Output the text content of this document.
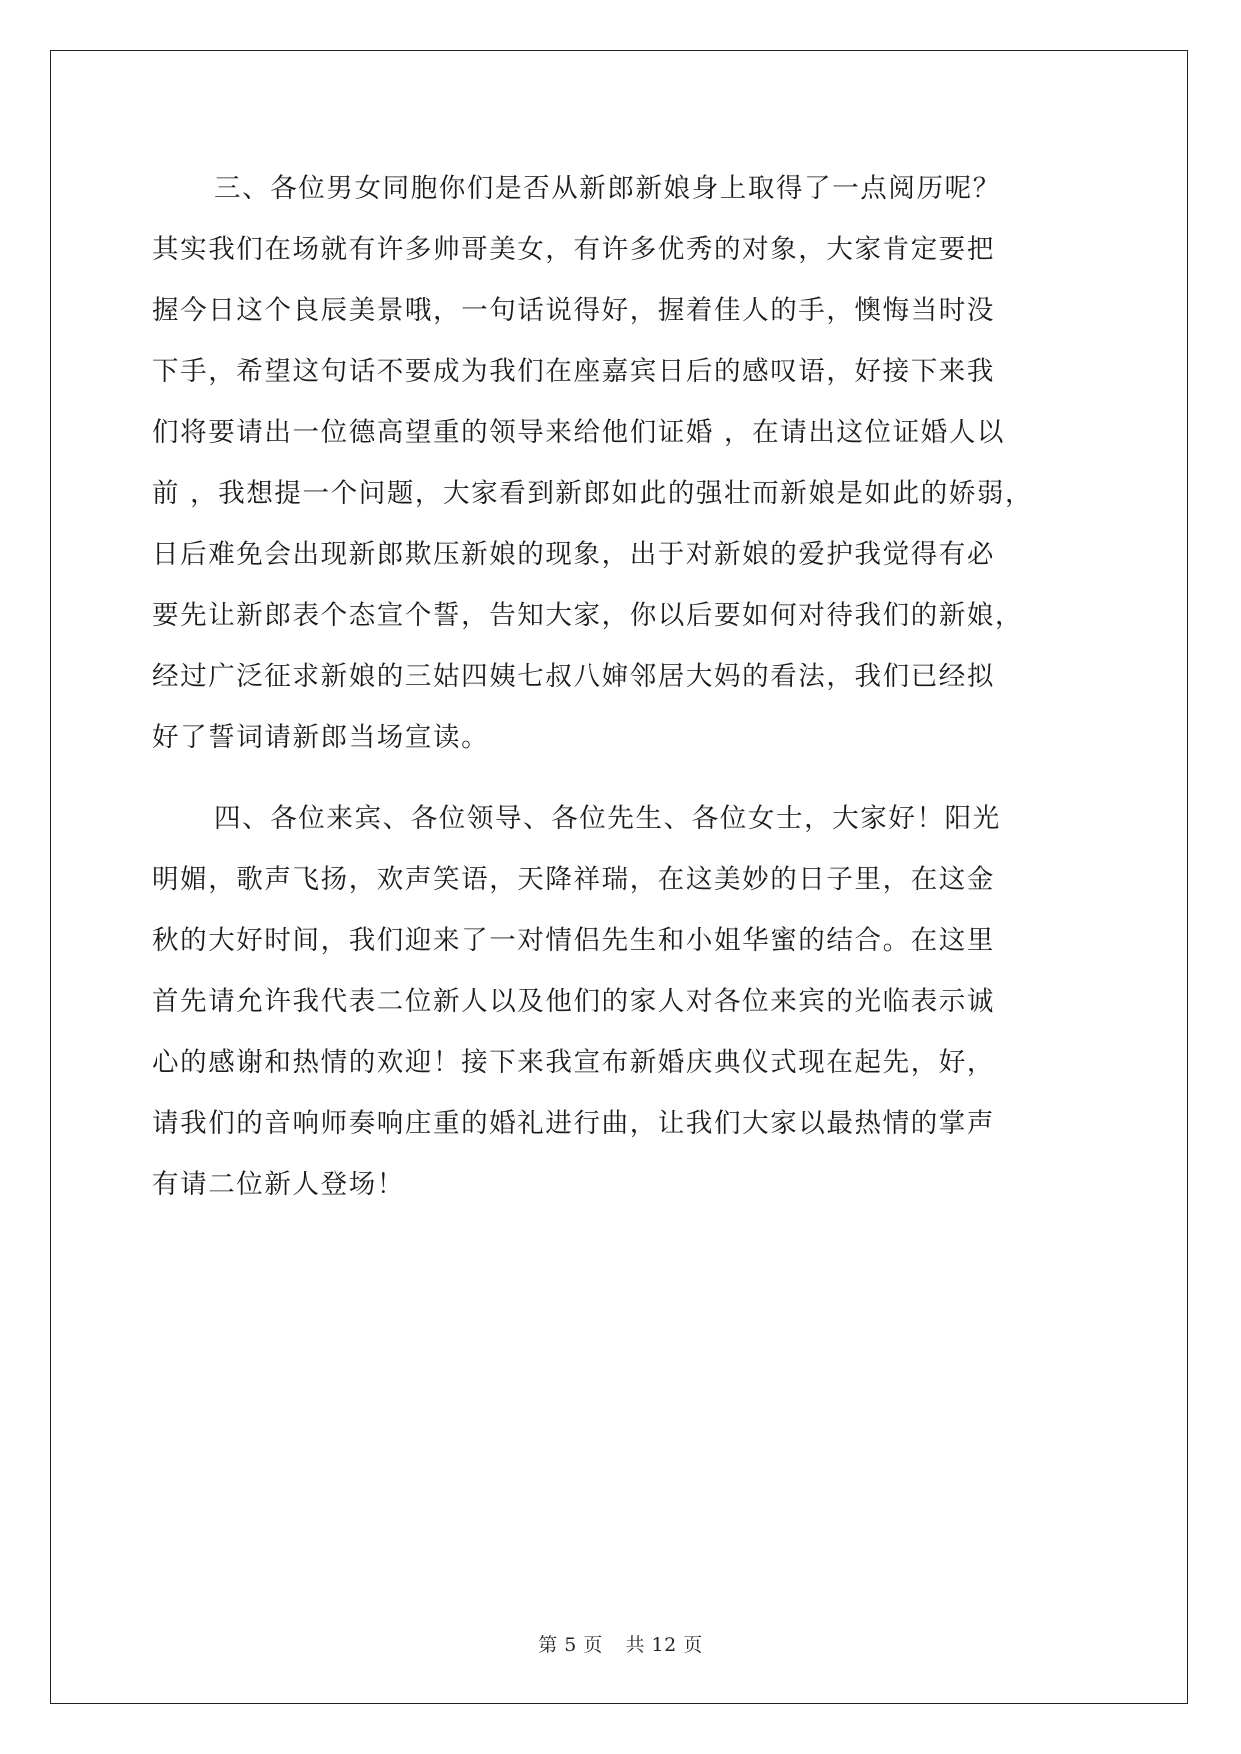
三、各位男女同胞你们是否从新郎新娘身上取得了一点阅历呢？
其实我们在场就有许多帅哥美女，有许多优秀的对象，大家肯定要把
握今日这个良辰美景哦，一句话说得好，握着佳人的手，懊悔当时没
下手，希望这句话不要成为我们在座嘉宾日后的感叹语，好接下来我
们将要请出一位德高望重的领导来给他们证婚 ，在请出这位证婚人以
前 ，我想提一个问题，大家看到新郎如此的强壮而新娘是如此的娇弱，
日后难免会出现新郎欺压新娘的现象，出于对新娘的爱护我觉得有必
要先让新郎表个态宣个誓，告知大家，你以后要如何对待我们的新娘，
经过广泛征求新娘的三姑四姨七叔八婶邻居大妈的看法，我们已经拟
好了誓词请新郎当场宣读。
四、各位来宾、各位领导、各位先生、各位女士，大家好！阳光
明媚，歌声飞扬，欢声笑语，天降祥瑞，在这美妙的日子里，在这金
秋的大好时间，我们迎来了一对情侣先生和小姐华蜜的结合。在这里
首先请允许我代表二位新人以及他们的家人对各位来宾的光临表示诚
心的感谢和热情的欢迎！接下来我宣布新婚庆典仪式现在起先，好，
请我们的音响师奏响庄重的婚礼进行曲，让我们大家以最热情的掌声
有请二位新人登场！
第 5 页 共 12 页
